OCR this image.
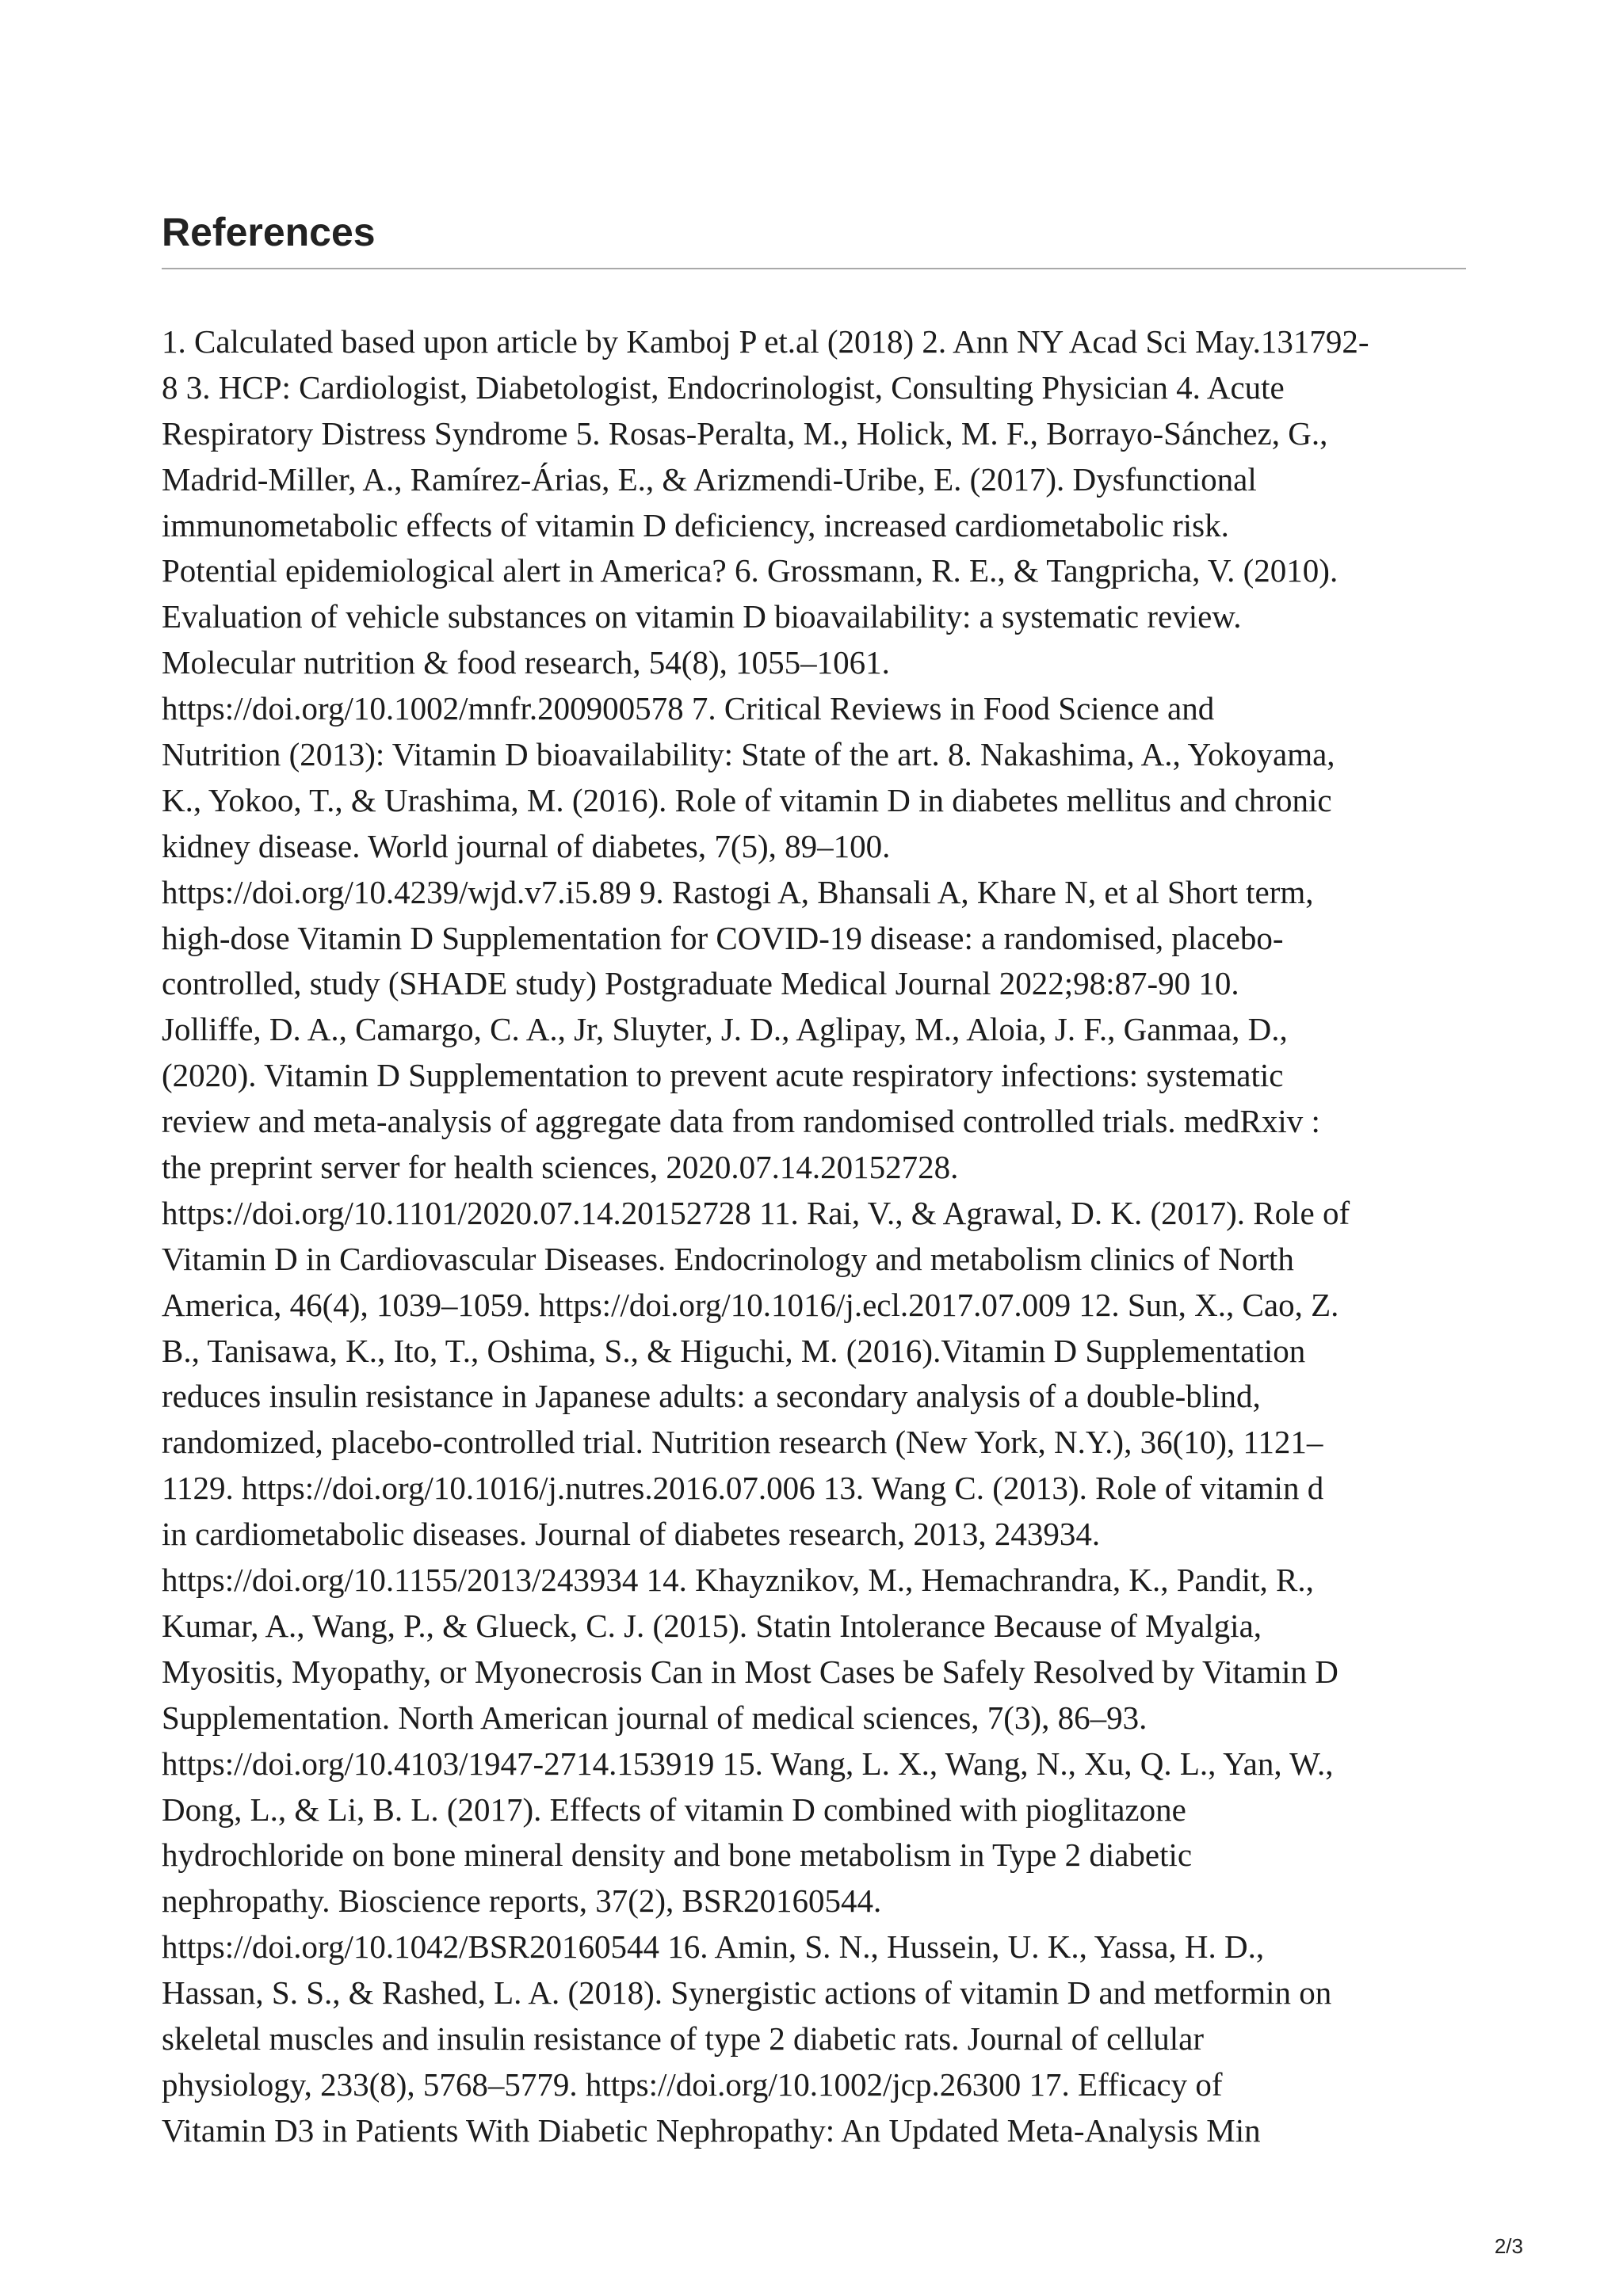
References
1. Calculated based upon article by Kamboj P et.al (2018) 2. Ann NY Acad Sci May.131792-
8 3. HCP: Cardiologist, Diabetologist, Endocrinologist, Consulting Physician 4. Acute
Respiratory Distress Syndrome 5. Rosas-Peralta, M., Holick, M. F., Borrayo-Sánchez, G.,
Madrid-Miller, A., Ramírez-Árias, E., & Arizmendi-Uribe, E. (2017). Dysfunctional
immunometabolic effects of vitamin D deficiency, increased cardiometabolic risk.
Potential epidemiological alert in America? 6. Grossmann, R. E., & Tangpricha, V. (2010).
Evaluation of vehicle substances on vitamin D bioavailability: a systematic review.
Molecular nutrition & food research, 54(8), 1055–1061.
https://doi.org/10.1002/mnfr.200900578 7. Critical Reviews in Food Science and
Nutrition (2013): Vitamin D bioavailability: State of the art. 8. Nakashima, A., Yokoyama,
K., Yokoo, T., & Urashima, M. (2016). Role of vitamin D in diabetes mellitus and chronic
kidney disease. World journal of diabetes, 7(5), 89–100.
https://doi.org/10.4239/wjd.v7.i5.89 9. Rastogi A, Bhansali A, Khare N, et al Short term,
high-dose Vitamin D Supplementation for COVID-19 disease: a randomised, placebo-
controlled, study (SHADE study) Postgraduate Medical Journal 2022;98:87-90 10.
Jolliffe, D. A., Camargo, C. A., Jr, Sluyter, J. D., Aglipay, M., Aloia, J. F., Ganmaa, D.,
(2020). Vitamin D Supplementation to prevent acute respiratory infections: systematic
review and meta-analysis of aggregate data from randomised controlled trials. medRxiv :
the preprint server for health sciences, 2020.07.14.20152728.
https://doi.org/10.1101/2020.07.14.20152728 11. Rai, V., & Agrawal, D. K. (2017). Role of
Vitamin D in Cardiovascular Diseases. Endocrinology and metabolism clinics of North
America, 46(4), 1039–1059. https://doi.org/10.1016/j.ecl.2017.07.009 12. Sun, X., Cao, Z.
B., Tanisawa, K., Ito, T., Oshima, S., & Higuchi, M. (2016).Vitamin D Supplementation
reduces insulin resistance in Japanese adults: a secondary analysis of a double-blind,
randomized, placebo-controlled trial. Nutrition research (New York, N.Y.), 36(10), 1121–
1129. https://doi.org/10.1016/j.nutres.2016.07.006 13. Wang C. (2013). Role of vitamin d
in cardiometabolic diseases. Journal of diabetes research, 2013, 243934.
https://doi.org/10.1155/2013/243934 14. Khayznikov, M., Hemachrandra, K., Pandit, R.,
Kumar, A., Wang, P., & Glueck, C. J. (2015). Statin Intolerance Because of Myalgia,
Myositis, Myopathy, or Myonecrosis Can in Most Cases be Safely Resolved by Vitamin D
Supplementation. North American journal of medical sciences, 7(3), 86–93.
https://doi.org/10.4103/1947-2714.153919 15. Wang, L. X., Wang, N., Xu, Q. L., Yan, W.,
Dong, L., & Li, B. L. (2017). Effects of vitamin D combined with pioglitazone
hydrochloride on bone mineral density and bone metabolism in Type 2 diabetic
nephropathy. Bioscience reports, 37(2), BSR20160544.
https://doi.org/10.1042/BSR20160544 16. Amin, S. N., Hussein, U. K., Yassa, H. D.,
Hassan, S. S., & Rashed, L. A. (2018). Synergistic actions of vitamin D and metformin on
skeletal muscles and insulin resistance of type 2 diabetic rats. Journal of cellular
physiology, 233(8), 5768–5779. https://doi.org/10.1002/jcp.26300 17. Efficacy of
Vitamin D3 in Patients With Diabetic Nephropathy: An Updated Meta-Analysis Min
2/3
